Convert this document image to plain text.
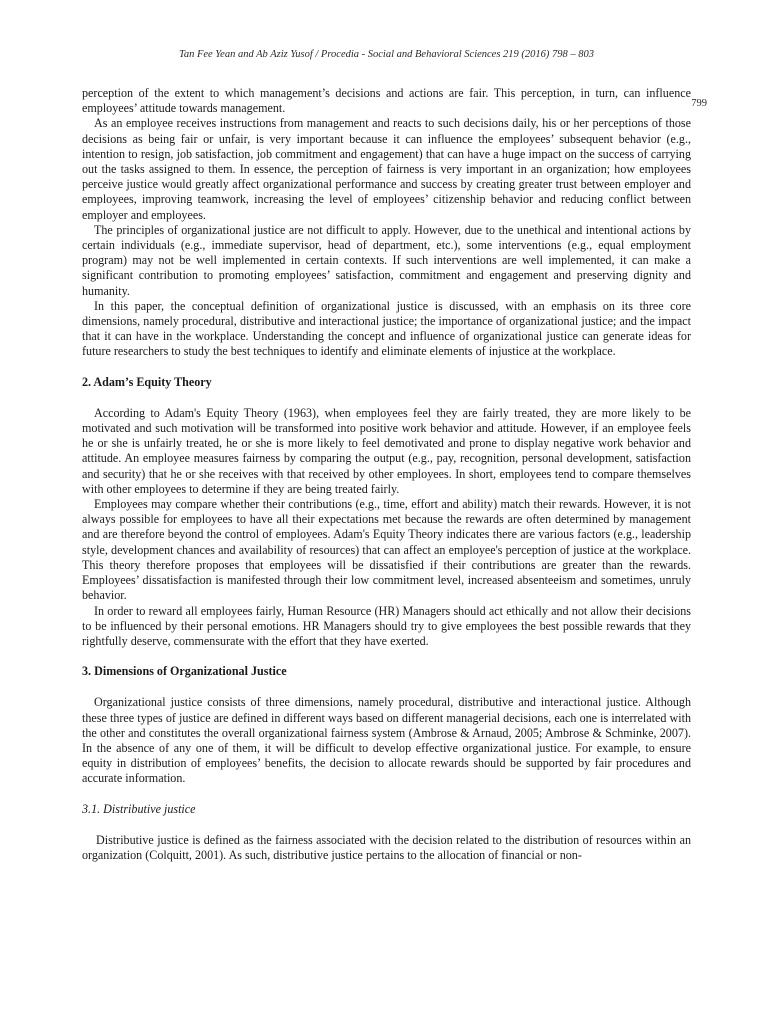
Tan Fee Yean and Ab Aziz Yusof / Procedia - Social and Behavioral Sciences 219 (2016) 798 – 803
799

perception of the extent to which management’s decisions and actions are fair. This perception, in turn, can influence employees’ attitude towards management.

As an employee receives instructions from management and reacts to such decisions daily, his or her perceptions of those decisions as being fair or unfair, is very important because it can influence the employees’ subsequent behavior (e.g., intention to resign, job satisfaction, job commitment and engagement) that can have a huge impact on the success of carrying out the tasks assigned to them. In essence, the perception of fairness is very important in an organization; how employees perceive justice would greatly affect organizational performance and success by creating greater trust between employer and employees, improving teamwork, increasing the level of employees’ citizenship behavior and reducing conflict between employer and employees.

The principles of organizational justice are not difficult to apply. However, due to the unethical and intentional actions by certain individuals (e.g., immediate supervisor, head of department, etc.), some interventions (e.g., equal employment program) may not be well implemented in certain contexts. If such interventions are well implemented, it can make a significant contribution to promoting employees’ satisfaction, commitment and engagement and preserving dignity and humanity.

In this paper, the conceptual definition of organizational justice is discussed, with an emphasis on its three core dimensions, namely procedural, distributive and interactional justice; the importance of organizational justice; and the impact that it can have in the workplace. Understanding the concept and influence of organizational justice can generate ideas for future researchers to study the best techniques to identify and eliminate elements of injustice at the workplace.

2. Adam’s Equity Theory

According to Adam's Equity Theory (1963), when employees feel they are fairly treated, they are more likely to be motivated and such motivation will be transformed into positive work behavior and attitude. However, if an employee feels he or she is unfairly treated, he or she is more likely to feel demotivated and prone to display negative work behavior and attitude. An employee measures fairness by comparing the output (e.g., pay, recognition, personal development, satisfaction and security) that he or she receives with that received by other employees. In short, employees tend to compare themselves with other employees to determine if they are being treated fairly.

Employees may compare whether their contributions (e.g., time, effort and ability) match their rewards. However, it is not always possible for employees to have all their expectations met because the rewards are often determined by management and are therefore beyond the control of employees. Adam's Equity Theory indicates there are various factors (e.g., leadership style, development chances and availability of resources) that can affect an employee's perception of justice at the workplace. This theory therefore proposes that employees will be dissatisfied if their contributions are greater than the rewards. Employees’ dissatisfaction is manifested through their low commitment level, increased absenteeism and sometimes, unruly behavior.

In order to reward all employees fairly, Human Resource (HR) Managers should act ethically and not allow their decisions to be influenced by their personal emotions. HR Managers should try to give employees the best possible rewards that they rightfully deserve, commensurate with the effort that they have exerted.

3. Dimensions of Organizational Justice

Organizational justice consists of three dimensions, namely procedural, distributive and interactional justice. Although these three types of justice are defined in different ways based on different managerial decisions, each one is interrelated with the other and constitutes the overall organizational fairness system (Ambrose & Arnaud, 2005; Ambrose & Schminke, 2007). In the absence of any one of them, it will be difficult to develop effective organizational justice. For example, to ensure equity in distribution of employees’ benefits, the decision to allocate rewards should be supported by fair procedures and accurate information.

3.1. Distributive justice

Distributive justice is defined as the fairness associated with the decision related to the distribution of resources within an organization (Colquitt, 2001). As such, distributive justice pertains to the allocation of financial or non-
